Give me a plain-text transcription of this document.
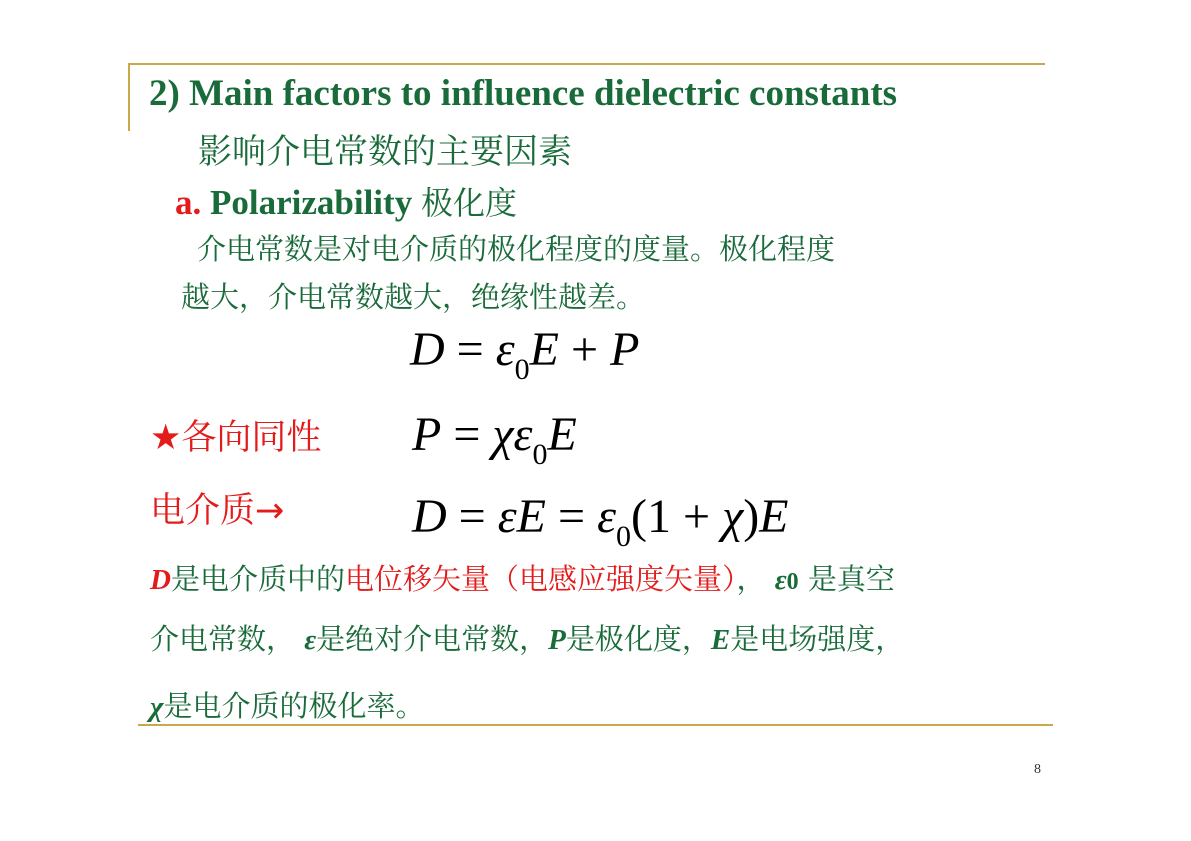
2) Main factors to influence dielectric constants
影响介电常数的主要因素
a. Polarizability 极化度
介电常数是对电介质的极化程度的度量。极化程度
越大，介电常数越大，绝缘性越差。
$D = \varepsilon_0E + P$
★各向同性 $P = \chi\varepsilon_0E$
电介质→	$D = \varepsilon E = \varepsilon_0(1 + \chi)E$
D是电介质中的电位移矢量（电感应强度矢量）， ε0 是真空
介电常数， ε是绝对介电常数，P是极化度，E是电场强度，
χ是电介质的极化率。
8
